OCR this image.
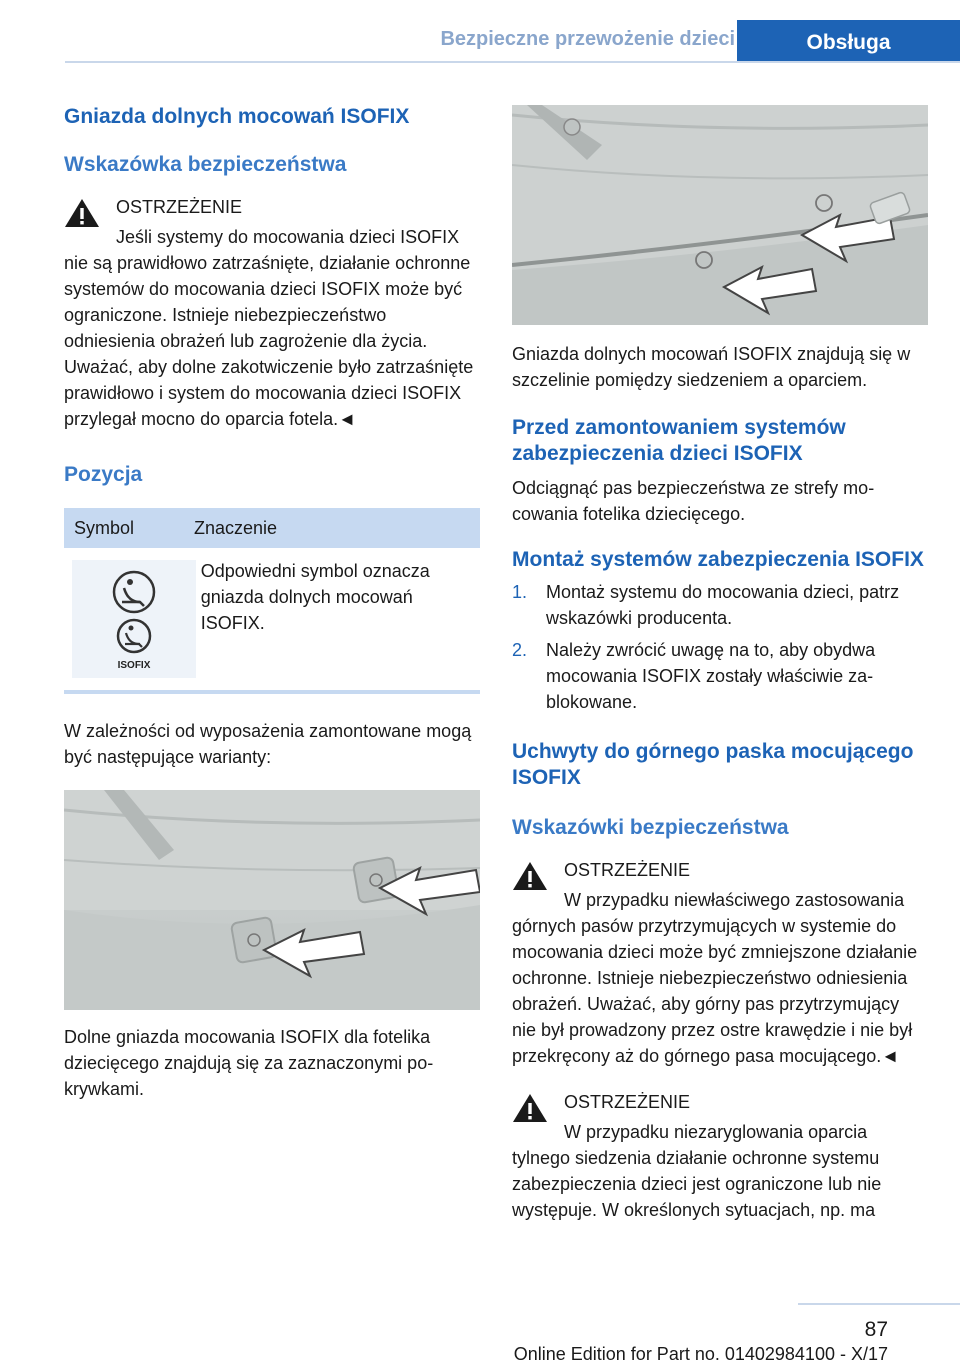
Bezpieczne przewożenie dzieci	Obsługa
Gniazda dolnych mocowań ISOFIX
Wskazówka bezpieczeństwa
OSTRZEŻENIE

Jeśli systemy do mocowania dzieci ISOFIX nie są prawidłowo zatrzaśnięte, działanie ochronne systemów do mocowania dzieci ISOFIX może być ograniczone. Istnieje niebezpieczeństwo odniesienia obrażeń lub zagrożenie dla życia. Uważać, aby dolne zakotwiczenie było zatrzaśnięte prawidłowo i system do mocowania dzieci ISOFIX przylegał mocno do oparcia fotela.◄

Pozycja
Symbol	Znaczenie
ISOFIX
Odpowiedni symbol oznacza gniazda dolnych mocowań ISOFIX.

W zależności od wyposażenia zamontowane mogą być następujące warianty:

Dolne gniazda mocowania ISOFIX dla fotelika dziecięcego znajdują się za zaznaczonymi pokrywkami.

Gniazda dolnych mocowań ISOFIX znajdują się w szczelinie pomiędzy siedzeniem a oparciem.

Przed zamontowaniem systemów zabezpieczenia dzieci ISOFIX

Odciągnąć pas bezpieczeństwa ze strefy mocowania fotelika dziecięcego.

Montaż systemów zabezpieczenia ISOFIX
1. Montaż systemu do mocowania dzieci, patrz wskazówki producenta.
2. Należy zwrócić uwagę na to, aby obydwa mocowania ISOFIX zostały właściwie zablokowane.
Uchwyty do górnego paska mocującego ISOFIX
Wskazówki bezpieczeństwa
OSTRZEŻENIE

W przypadku niewłaściwego zastosowania górnych pasów przytrzymujących w systemie do mocowania dzieci może być zmniejszone działanie ochronne. Istnieje niebezpieczeństwo odniesienia obrażeń. Uważać, aby górny pas przytrzymujący nie był prowadzony przez ostre krawędzie i nie był przekręcony aż do górnego pasa mocującego.◄

OSTRZEŻENIE

W przypadku niezaryglowania oparcia tylnego siedzenia działanie ochronne systemu zabezpieczenia dzieci jest ograniczone lub nie występuje. W określonych sytuacjach, np. ma

87
Online Edition for Part no. 01402984100 - X/17
